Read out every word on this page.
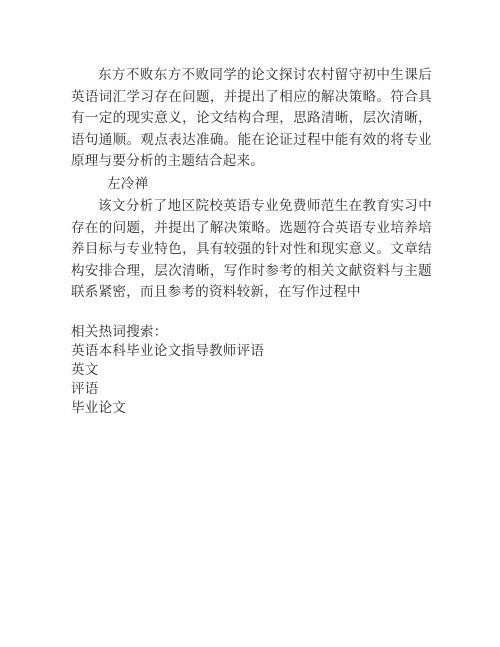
东方不败东方不败同学的论文探讨农村留守初中生课后英语词汇学习存在问题，并提出了相应的解决策略。符合具有一定的现实意义，论文结构合理，思路清晰，层次清晰，语句通顺。观点表达准确。能在论证过程中能有效的将专业原理与要分析的主题结合起来。

左冷禅

该文分析了地区院校英语专业免费师范生在教育实习中存在的问题，并提出了解决策略。选题符合英语专业培养培养目标与专业特色，具有较强的针对性和现实意义。文章结构安排合理，层次清晰，写作时参考的相关文献资料与主题联系紧密，而且参考的资料较新，在写作过程中

相关热词搜索：
英语本科毕业论文指导教师评语
英文
评语
毕业论文
